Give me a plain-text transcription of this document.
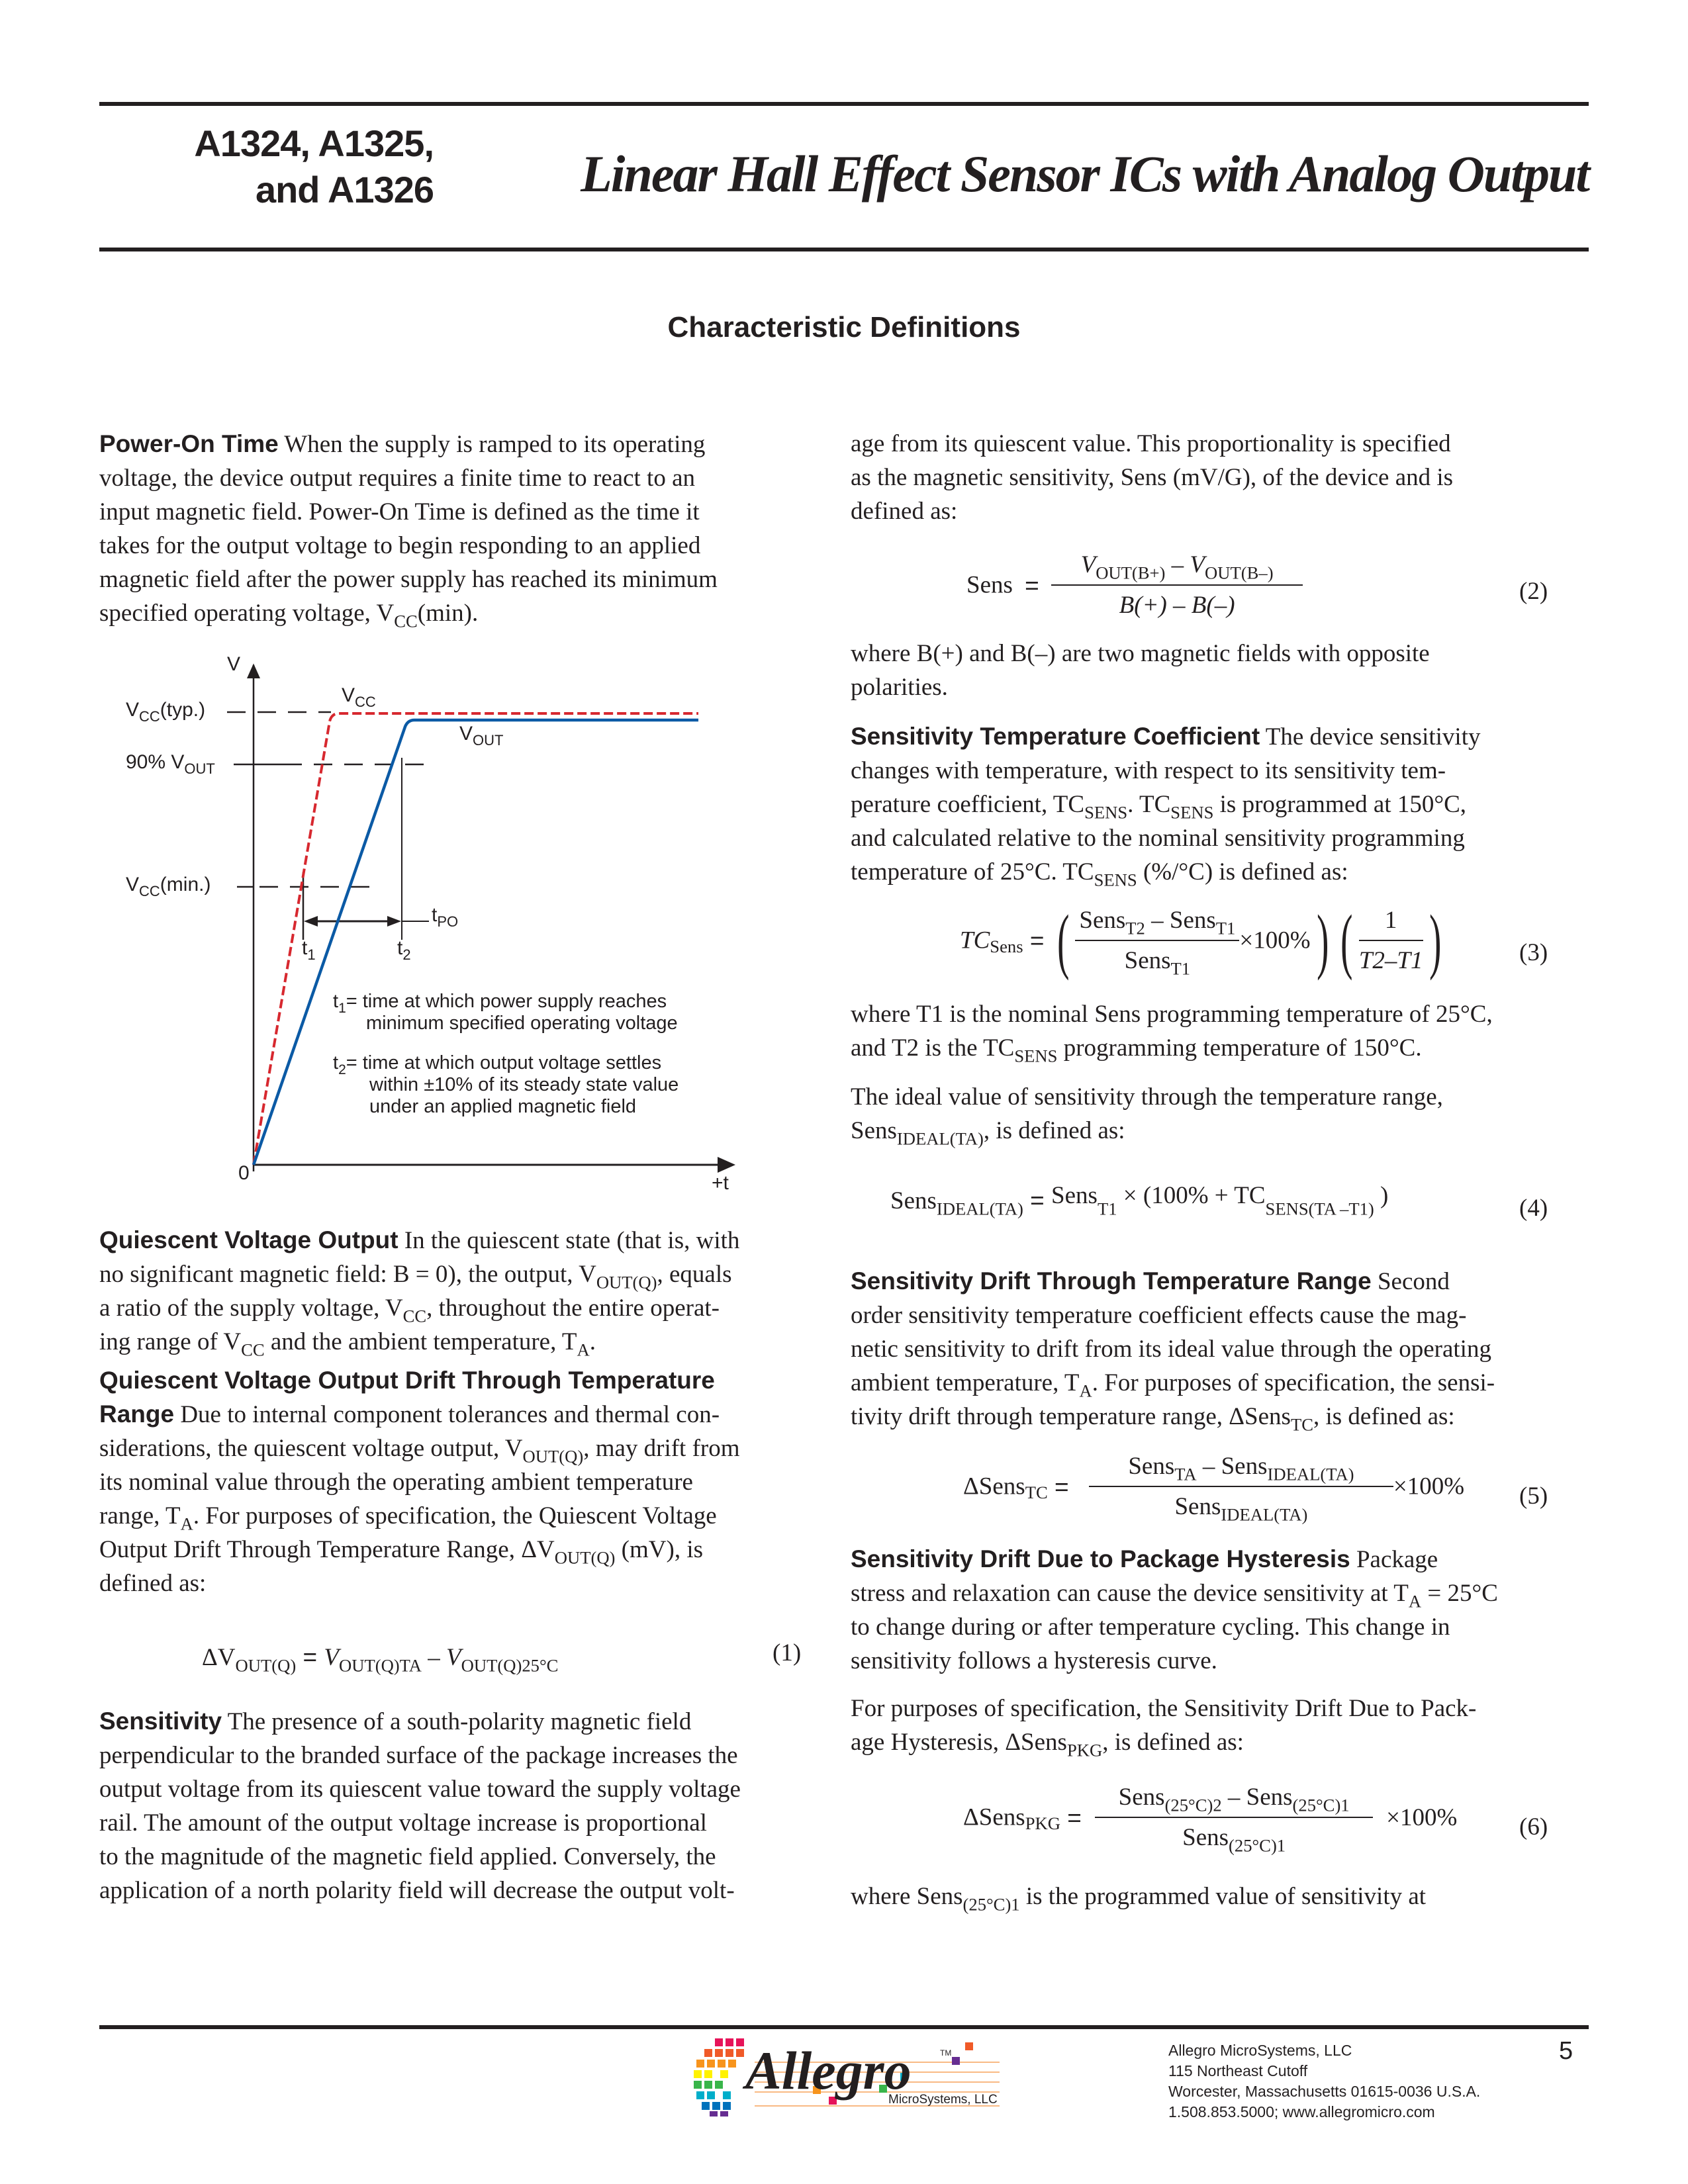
A1324, A1325,
and A1326	Linear Hall Effect Sensor ICs with Analog Output
Characteristic Definitions
Power-On Time When the supply is ramped to its operating
voltage, the device output requires a finite time to react to an
input magnetic field. Power-On Time is defined as the time it
takes for the output voltage to begin responding to an applied
magnetic field after the power supply has reached its minimum
specified operating voltage, $V_{CC}(\min)$.
Quiescent Voltage Output In the quiescent state (that is, with
no significant magnetic field: B = 0), the output, $V_{OUT(Q)}$, equals
a ratio of the supply voltage, $V_{CC}$, throughout the entire operat-
ing range of $V_{CC}$ and the ambient temperature, $T_A$.
Quiescent Voltage Output Drift Through Temperature
Range Due to internal component tolerances and thermal con-
siderations, the quiescent voltage output, $V_{OUT(Q)}$, may drift from
its nominal value through the operating ambient temperature
range, $T_A$. For purposes of specification, the Quiescent Voltage
Output Drift Through Temperature Range, $\Delta V_{OUT(Q)}$ (mV), is
defined as:
$\Delta V_{OUT(Q)} = V_{OUT(Q)TA} - V_{OUT(Q)25^\circ C}$	(1)
Sensitivity The presence of a south-polarity magnetic field
perpendicular to the branded surface of the package increases the
output voltage from its quiescent value toward the supply voltage
rail. The amount of the output voltage increase is proportional
to the magnitude of the magnetic field applied. Conversely, the
application of a north polarity field will decrease the output volt-
V
+t
0
$V_{CC}(typ.)$
90% $V_{OUT}$
$V_{CC}(\min.)$
$V_{CC}$
$V_{OUT}$
$t_{PO}$
$t_1$	$t_2$
$t_1=$ time at which power supply reaches
minimum specified operating voltage
$t_2=$ time at which output voltage settles
within ±10% of its steady state value
under an applied magnetic field
age from its quiescent value. This proportionality is specified
as the magnetic sensitivity, Sens (mV/G), of the device and is
defined as:
Sens = $\frac{V_{OUT(B+)} - V_{OUT(B-)}}{B(+) - B(-)}$	(2)
where B(+) and B(–) are two magnetic fields with opposite
polarities.
Sensitivity Temperature Coefficient The device sensitivity
changes with temperature, with respect to its sensitivity tem-
perature coefficient, $TC_{SENS}$. $TC_{SENS}$ is programmed at 150°C,
and calculated relative to the nominal sensitivity programming
temperature of 25°C. $TC_{SENS}$ (%/°C) is defined as:
$TC_{Sens}$ = ( $\frac{Sens_{T2} - Sens_{T1}}{Sens_{T1}} \times 100\%$) ( $\frac{1}{T2-T1}$ )	(3)
where T1 is the nominal Sens programming temperature of 25°C,
and T2 is the $TC_{SENS}$ programming temperature of 150°C.
The ideal value of sensitivity through the temperature range,
Sens$_{IDEAL(TA)}$, is defined as:
Sens$_{IDEAL(TA)}$ = Sens$_{T1}$ × ($100\% + TC_{SENS(TA -T1)}$ )	(4)
Sensitivity Drift Through Temperature Range Second
order sensitivity temperature coefficient effects cause the mag-
netic sensitivity to drift from its ideal value through the operating
ambient temperature, $T_A$. For purposes of specification, the sensi-
tivity drift through temperature range, ΔSens$_{TC}$, is defined as:
ΔSens$_{TC}$ = $\frac{Sens_{TA} - Sens_{IDEAL(TA)}}{Sens_{IDEAL(TA)}} \times 100\%$ (5)
Sensitivity Drift Due to Package Hysteresis Package
stress and relaxation can cause the device sensitivity at $T_A = 25^\circ C$
to change during or after temperature cycling. This change in
sensitivity follows a hysteresis curve.
For purposes of specification, the Sensitivity Drift Due to Pack-
age Hysteresis, ΔSens$_{PKG}$, is defined as:
ΔSens$_{PKG}$ = $\frac{Sens_{(25^\circ C)2} - Sens_{(25^\circ C)1}}{Sens_{(25^\circ C)1}} \times 100\%$	(6)
where Sens$_{(25^\circ C)1}$ is the programmed value of sensitivity at
Allegro	TM
MicroSystems, LLC
Allegro MicroSystems, LLC
115 Northeast Cutoff
Worcester, Massachusetts 01615-0036 U.S.A.
1.508.853.5000; www.allegromicro.com
5
